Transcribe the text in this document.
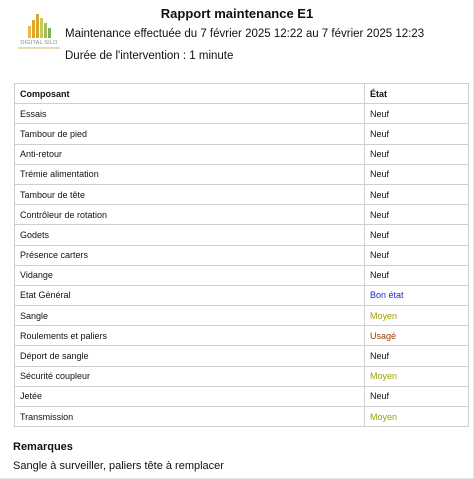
DIGITAL SILO
Rapport maintenance E1
Maintenance effectuée du 7 février 2025 12:22 au 7 février 2025 12:23
Durée de l'intervention : 1 minute
Composant	État
Essais	Neuf
Tambour de pied	Neuf
Anti-retour	Neuf
Trémie alimentation	Neuf
Tambour de tête	Neuf
Contrôleur de rotation	Neuf
Godets	Neuf
Présence carters	Neuf
Vidange	Neuf
Etat Général	Bon état
Sangle	Moyen
Roulements et paliers	Usagé
Déport de sangle	Neuf
Sécurité coupleur	Moyen
Jetée	Neuf
Transmission	Moyen
Remarques
Sangle à surveiller, paliers tête à remplacer
